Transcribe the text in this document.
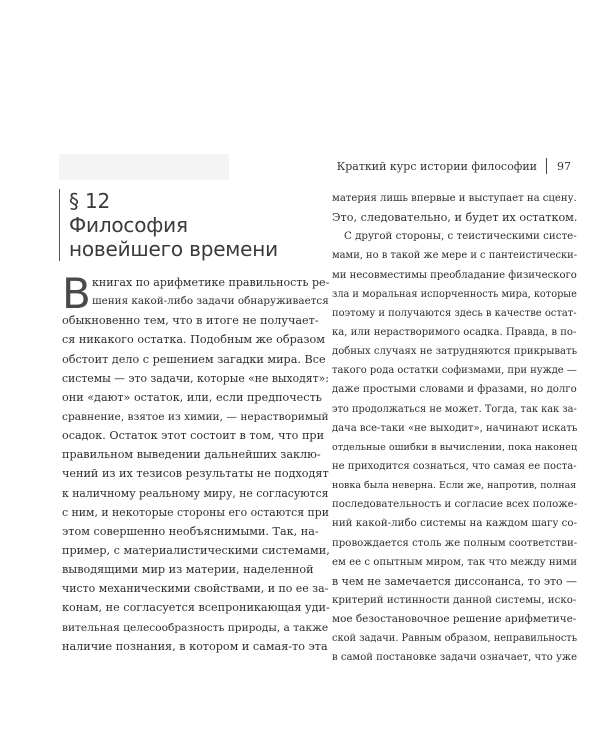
Краткий курс истории философии 97
§ 12
Философия
новейшего времени
В книгах по арифметике правильность ре-
шения какой-либо задачи обнаруживается
обыкновенно тем, что в итоге не получает-
ся никакого остатка. Подобным же образом
обстоит дело с решением загадки мира. Все
системы — это задачи, которые «не выходят»:
они «дают» остаток, или, если предпочесть
сравнение, взятое из химии, — нерастворимый
осадок. Остаток этот состоит в том, что при
правильном выведении дальнейших заклю-
чений из их тезисов результаты не подходят
к наличному реальному миру, не согласуются
с ним, и некоторые стороны его остаются при
этом совершенно необъяснимыми. Так, на-
пример, с материалистическими системами,
выводящими мир из материи, наделенной
чисто механическими свойствами, и по ее за-
конам, не согласуется всепроникающая уди-
вительная целесообразность природы, а также
наличие познания, в котором и самая-то эта
материя лишь впервые и выступает на сцену.
Это, следовательно, и будет их остатком.
С другой стороны, с теистическими систе-
мами, но в такой же мере и с пантеистически-
ми несовместимы преобладание физического
зла и моральная испорченность мира, которые
поэтому и получаются здесь в качестве остат-
ка, или нерастворимого осадка. Правда, в по-
добных случаях не затрудняются прикрывать
такого рода остатки софизмами, при нужде —
даже простыми словами и фразами, но долго
это продолжаться не может. Тогда, так как за-
дача все-таки «не выходит», начинают искать
отдельные ошибки в вычислении, пока наконец
не приходится сознаться, что самая ее поста-
новка была неверна. Если же, напротив, полная
последовательность и согласие всех положе-
ний какой-либо системы на каждом шагу со-
провождается столь же полным соответстви-
ем ее с опытным миром, так что между ними
в чем не замечается диссонанса, то это —
критерий истинности данной системы, иско-
мое безостановочное решение арифметиче-
ской задачи. Равным образом, неправильность
в самой постановке задачи означает, что уже
